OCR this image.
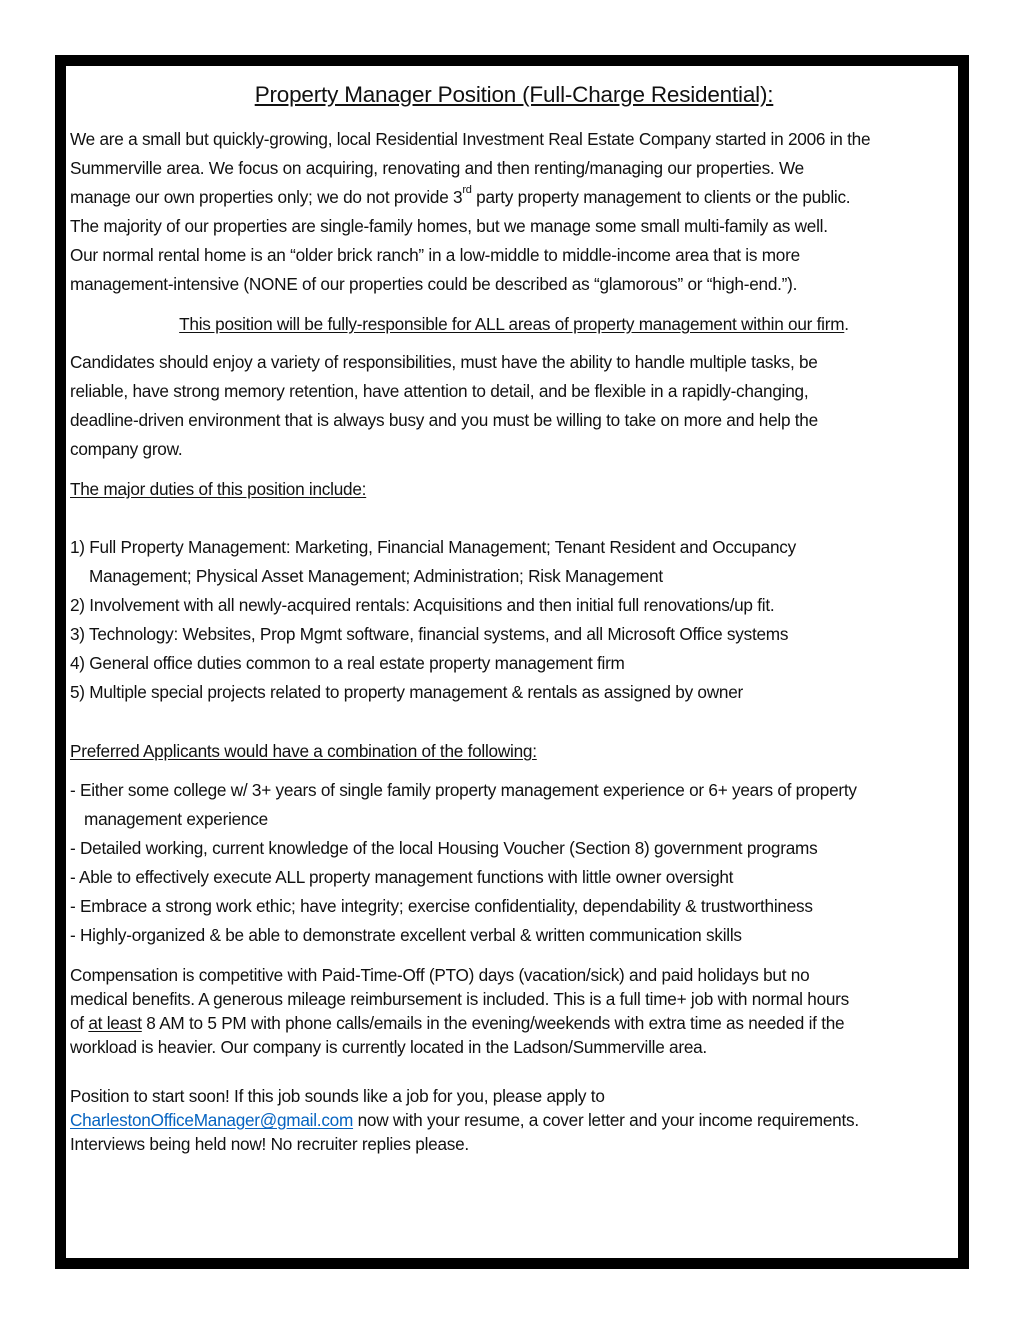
Property Manager Position (Full-Charge Residential):
We are a small but quickly-growing, local Residential Investment Real Estate Company started in 2006 in the
Summerville area. We focus on acquiring, renovating and then renting/managing our properties. We
manage our own properties only; we do not provide 3rd party property management to clients or the public.
The majority of our properties are single-family homes, but we manage some small multi-family as well.
Our normal rental home is an “older brick ranch” in a low-middle to middle-income area that is more
management-intensive (NONE of our properties could be described as “glamorous” or “high-end.”).
This position will be fully-responsible for ALL areas of property management within our firm.
Candidates should enjoy a variety of responsibilities, must have the ability to handle multiple tasks, be
reliable, have strong memory retention, have attention to detail, and be flexible in a rapidly-changing,
deadline-driven environment that is always busy and you must be willing to take on more and help the
company grow.
The major duties of this position include:
1) Full Property Management: Marketing, Financial Management; Tenant Resident and Occupancy
Management; Physical Asset Management; Administration; Risk Management
2) Involvement with all newly-acquired rentals: Acquisitions and then initial full renovations/up fit.
3) Technology: Websites, Prop Mgmt software, financial systems, and all Microsoft Office systems
4) General office duties common to a real estate property management firm
5) Multiple special projects related to property management & rentals as assigned by owner
Preferred Applicants would have a combination of the following:
- Either some college w/ 3+ years of single family property management experience or 6+ years of property
management experience
- Detailed working, current knowledge of the local Housing Voucher (Section 8) government programs
- Able to effectively execute ALL property management functions with little owner oversight
- Embrace a strong work ethic; have integrity; exercise confidentiality, dependability & trustworthiness
- Highly-organized & be able to demonstrate excellent verbal & written communication skills
Compensation is competitive with Paid-Time-Off (PTO) days (vacation/sick) and paid holidays but no
medical benefits. A generous mileage reimbursement is included. This is a full time+ job with normal hours
of at least 8 AM to 5 PM with phone calls/emails in the evening/weekends with extra time as needed if the
workload is heavier. Our company is currently located in the Ladson/Summerville area.
Position to start soon! If this job sounds like a job for you, please apply to
CharlestonOfficeManager@gmail.com now with your resume, a cover letter and your income requirements.
Interviews being held now! No recruiter replies please.
